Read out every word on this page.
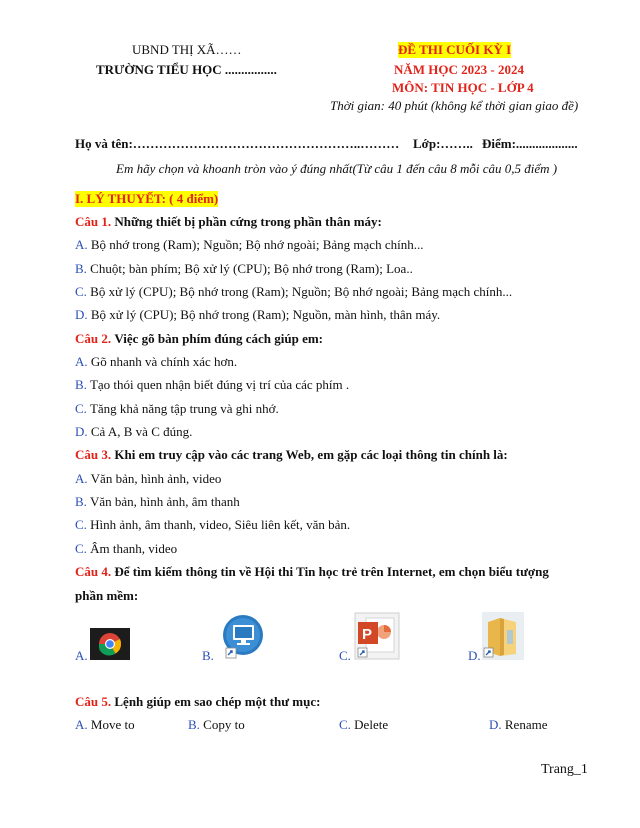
UBND THỊ XÃ……
TRƯỜNG TIỂU HỌC ................
ĐỀ THI CUỐI KỲ I
NĂM HỌC 2023 - 2024
MÔN: TIN HỌC - LỚP 4
Thời gian: 40 phút (không kể thời gian giao đề)
Họ và tên:……………………………………………..……… Lớp:…….. Điểm:...................
Em hãy chọn và khoanh tròn vào ý đúng nhất(Từ câu 1 đến câu 8 mỗi câu 0,5 điểm )
I. LÝ THUYẾT: ( 4 điểm)
Câu 1. Những thiết bị phần cứng trong phần thân máy:
A. Bộ nhớ trong (Ram); Nguồn; Bộ nhớ ngoài; Bảng mạch chính...
B. Chuột; bàn phím; Bộ xử lý (CPU); Bộ nhớ trong (Ram); Loa..
C. Bộ xử lý (CPU); Bộ nhớ trong (Ram); Nguồn; Bộ nhớ ngoài; Bảng mạch chính...
D. Bộ xử lý (CPU); Bộ nhớ trong (Ram); Nguồn, màn hình, thân máy.
Câu 2. Việc gõ bàn phím đúng cách giúp em:
A. Gõ nhanh và chính xác hơn.
B. Tạo thói quen nhận biết đúng vị trí của các phím .
C. Tăng khả năng tập trung và ghi nhớ.
D. Cả A, B và C đúng.
Câu 3. Khi em truy cập vào các trang Web, em gặp các loại thông tin chính là:
A. Văn bản, hình ảnh, video
B. Văn bản, hình ảnh, âm thanh
C. Hình ảnh, âm thanh, video, Siêu liên kết, văn bản.
C. Âm thanh, video
Câu 4. Để tìm kiếm thông tin về Hội thi Tin học trẻ trên Internet, em chọn biểu tượng
phần mềm:
A.	B.	C.
P
D.
Câu 5. Lệnh giúp em sao chép một thư mục:
A. Move to	B. Copy to	C. Delete	D. Rename
Trang_1
